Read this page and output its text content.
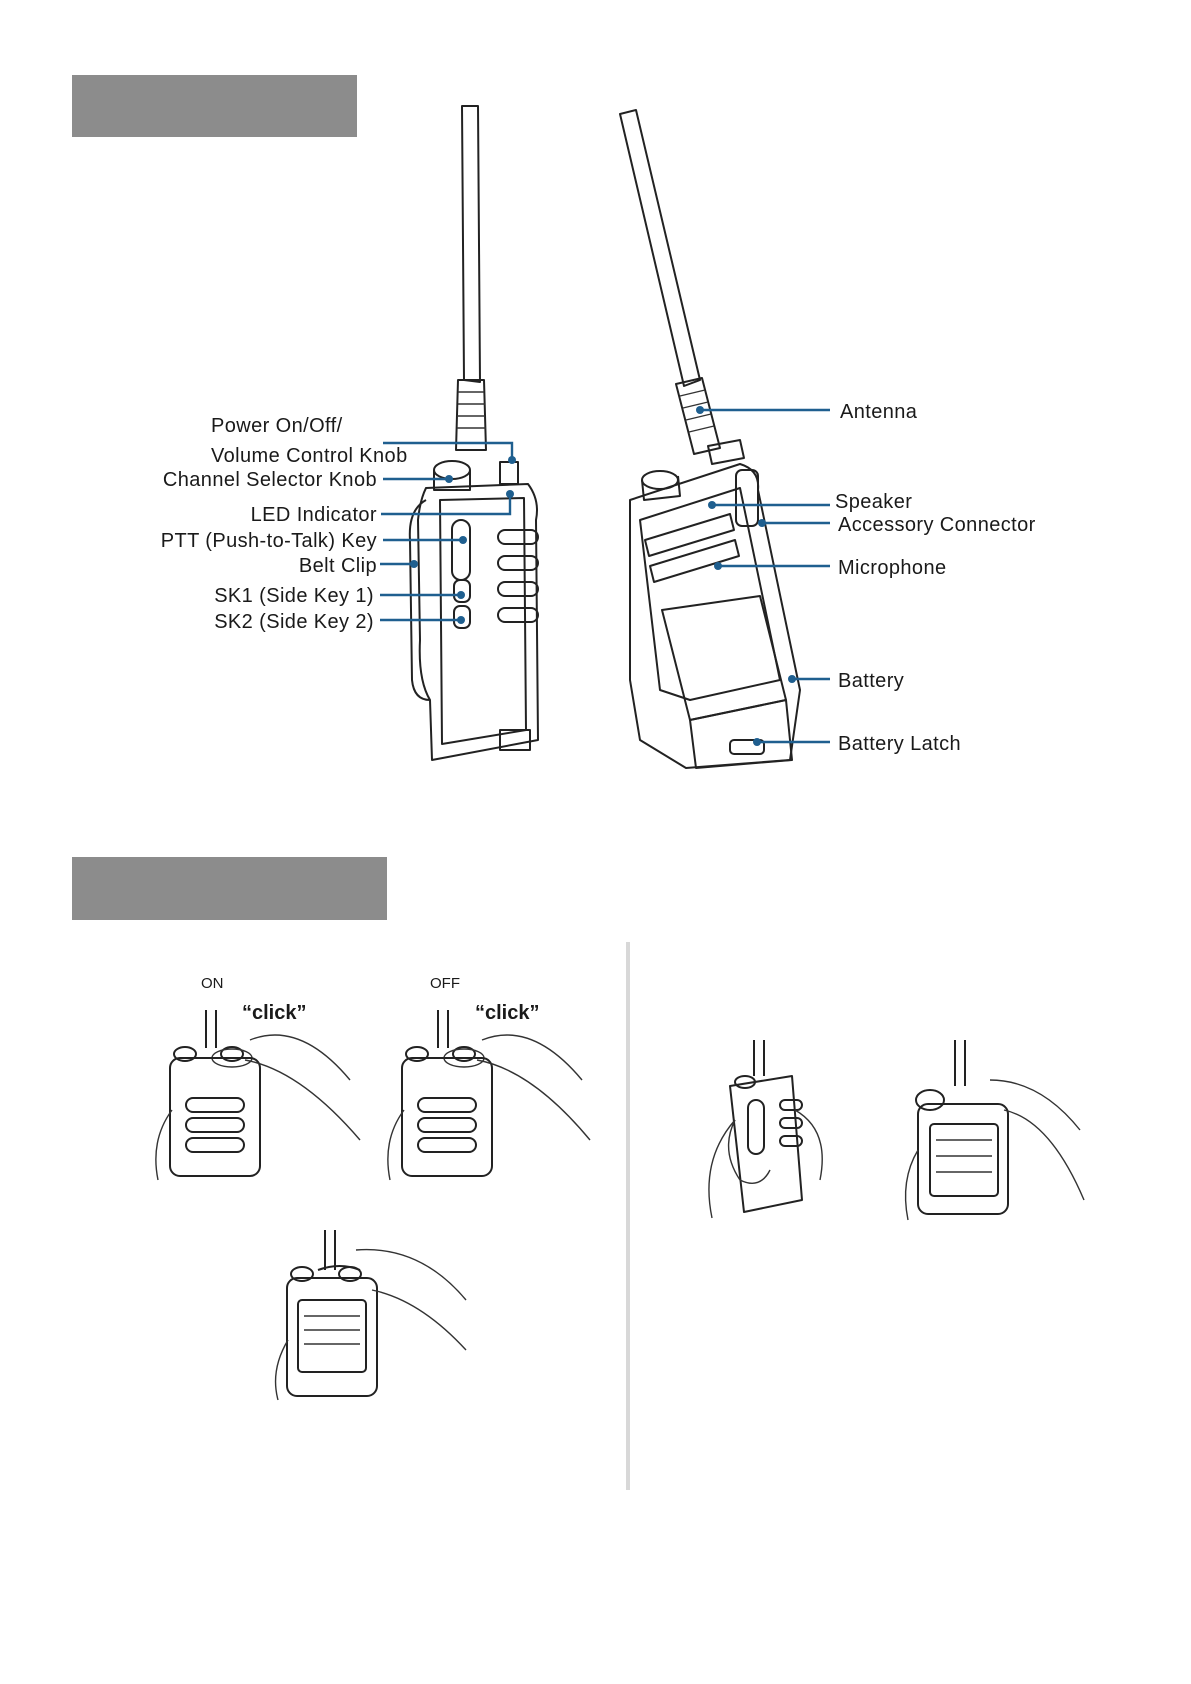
Power On/Off/
Volume Control Knob
Channel Selector Knob
LED Indicator
PTT (Push-to-Talk) Key
Belt Clip
SK1 (Side Key 1)
SK2 (Side Key 2)
Antenna
Speaker
Accessory Connector
Microphone
Battery
Battery Latch
ON
“click”
OFF
“click”
